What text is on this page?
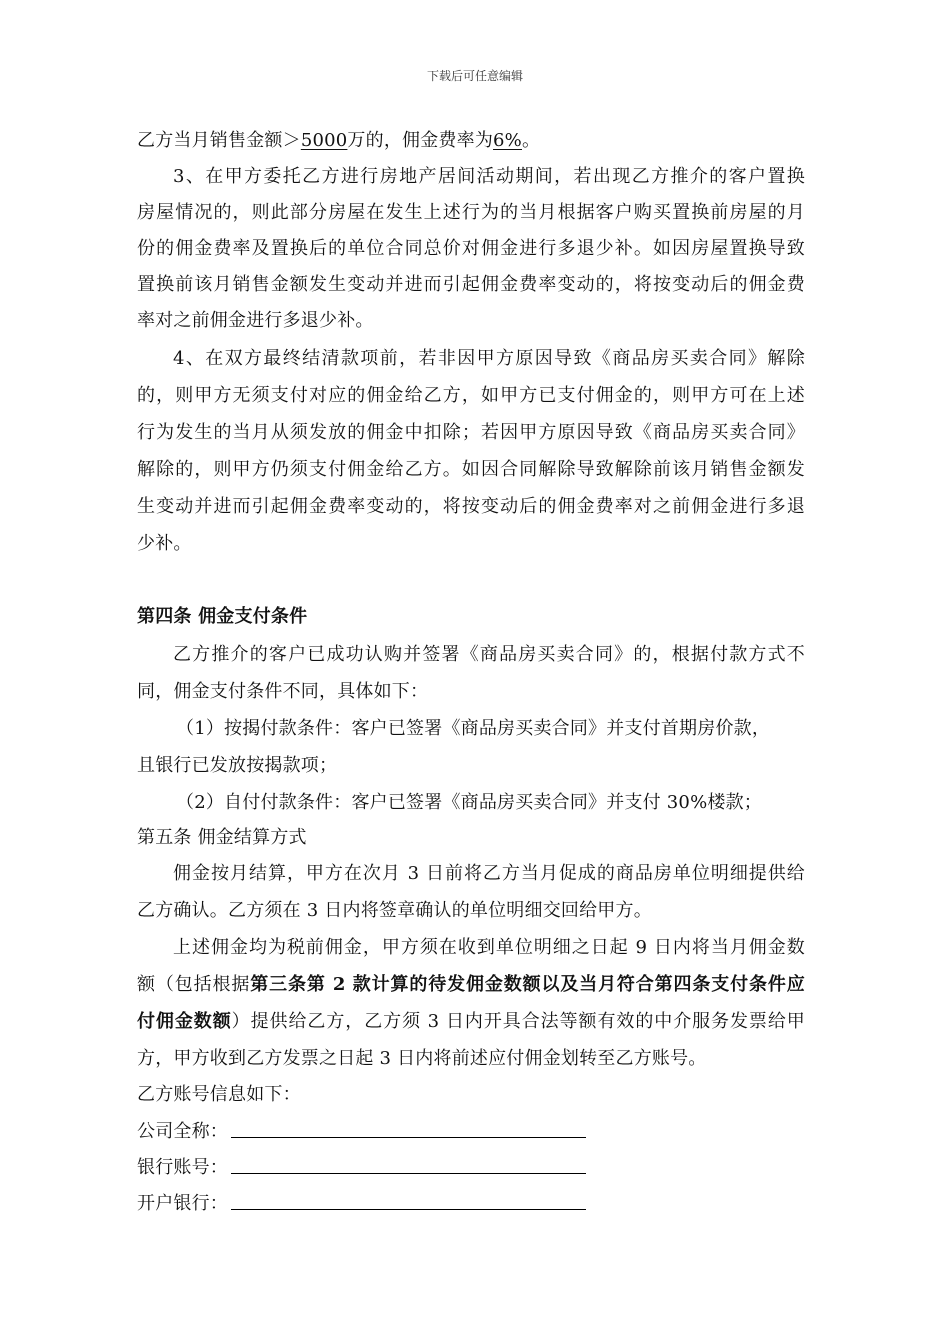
下载后可任意编辑
乙方当月销售金额＞5000万的，佣金费率为6%。
3、在甲方委托乙方进行房地产居间活动期间，若出现乙方推介的客户置换
房屋情况的，则此部分房屋在发生上述行为的当月根据客户购买置换前房屋的月
份的佣金费率及置换后的单位合同总价对佣金进行多退少补。如因房屋置换导致
置换前该月销售金额发生变动并进而引起佣金费率变动的，将按变动后的佣金费
率对之前佣金进行多退少补。
4、在双方最终结清款项前，若非因甲方原因导致《商品房买卖合同》解除
的，则甲方无须支付对应的佣金给乙方，如甲方已支付佣金的，则甲方可在上述
行为发生的当月从须发放的佣金中扣除；若因甲方原因导致《商品房买卖合同》
解除的，则甲方仍须支付佣金给乙方。如因合同解除导致解除前该月销售金额发
生变动并进而引起佣金费率变动的，将按变动后的佣金费率对之前佣金进行多退
少补。
第四条 佣金支付条件
乙方推介的客户已成功认购并签署《商品房买卖合同》的，根据付款方式不
同，佣金支付条件不同，具体如下：
（1）按揭付款条件：客户已签署《商品房买卖合同》并支付首期房价款，
且银行已发放按揭款项；
（2）自付付款条件：客户已签署《商品房买卖合同》并支付 30%楼款；
第五条 佣金结算方式
佣金按月结算，甲方在次月 3 日前将乙方当月促成的商品房单位明细提供给
乙方确认。乙方须在 3 日内将签章确认的单位明细交回给甲方。
上述佣金均为税前佣金，甲方须在收到单位明细之日起 9 日内将当月佣金数
额（包括根据第三条第 2 款计算的待发佣金数额以及当月符合第四条支付条件应
付佣金数额）提供给乙方，乙方须 3 日内开具合法等额有效的中介服务发票给甲
方，甲方收到乙方发票之日起 3 日内将前述应付佣金划转至乙方账号。
乙方账号信息如下：
公司全称：
银行账号：
开户银行：
